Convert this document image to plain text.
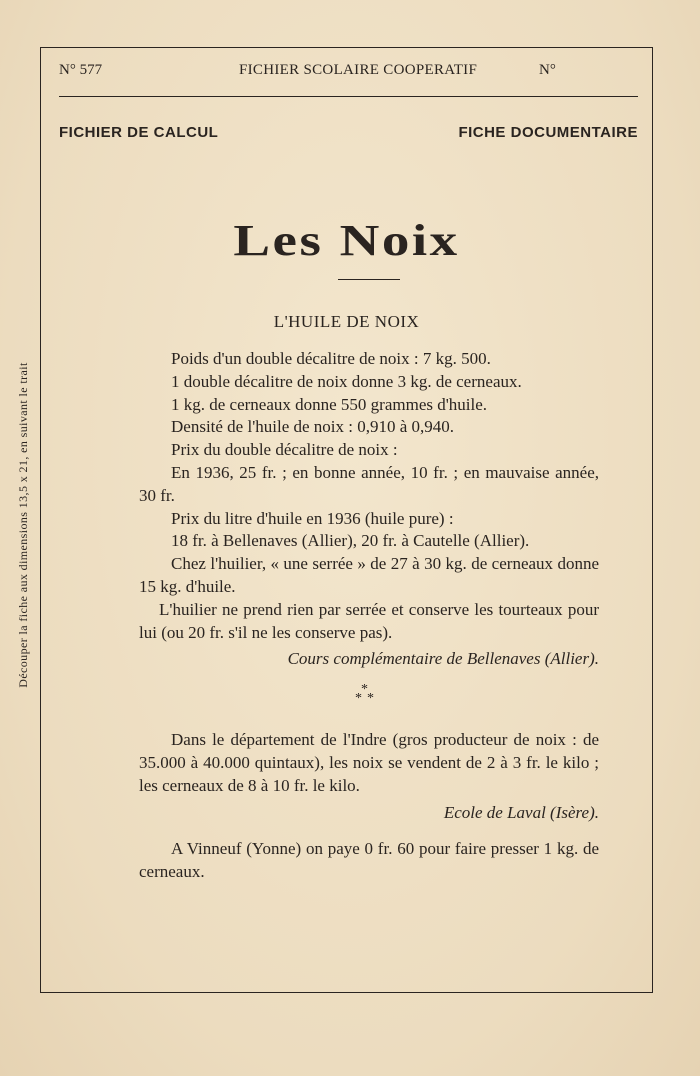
Découper la fiche aux dimensions 13,5 x 21, en suivant le trait
N° 577	FICHIER SCOLAIRE COOPERATIF	N°
FICHIER DE CALCUL	FICHE DOCUMENTAIRE
Les Noix
L'HUILE DE NOIX

Poids d'un double décalitre de noix : 7 kg. 500.

1 double décalitre de noix donne 3 kg. de cerneaux.

1 kg. de cerneaux donne 550 grammes d'huile.

Densité de l'huile de noix : 0,910 à 0,940.

Prix du double décalitre de noix :

En 1936, 25 fr. ; en bonne année, 10 fr. ; en mauvaise année, 30 fr.

Prix du litre d'huile en 1936 (huile pure) :

18 fr. à Bellenaves (Allier), 20 fr. à Cautelle (Allier).

Chez l'huilier, « une serrée » de 27 à 30 kg. de cerneaux donne 15 kg. d'huile.

L'huilier ne prend rien par serrée et conserve les tourteaux pour lui (ou 20 fr. s'il ne les conserve pas).

Cours complémentaire de Bellenaves (Allier).

*
* *

Dans le département de l'Indre (gros producteur de noix : de 35.000 à 40.000 quintaux), les noix se vendent de 2 à 3 fr. le kilo ; les cerneaux de 8 à 10 fr. le kilo.

Ecole de Laval (Isère).

A Vinneuf (Yonne) on paye 0 fr. 60 pour faire presser 1 kg. de cerneaux.
